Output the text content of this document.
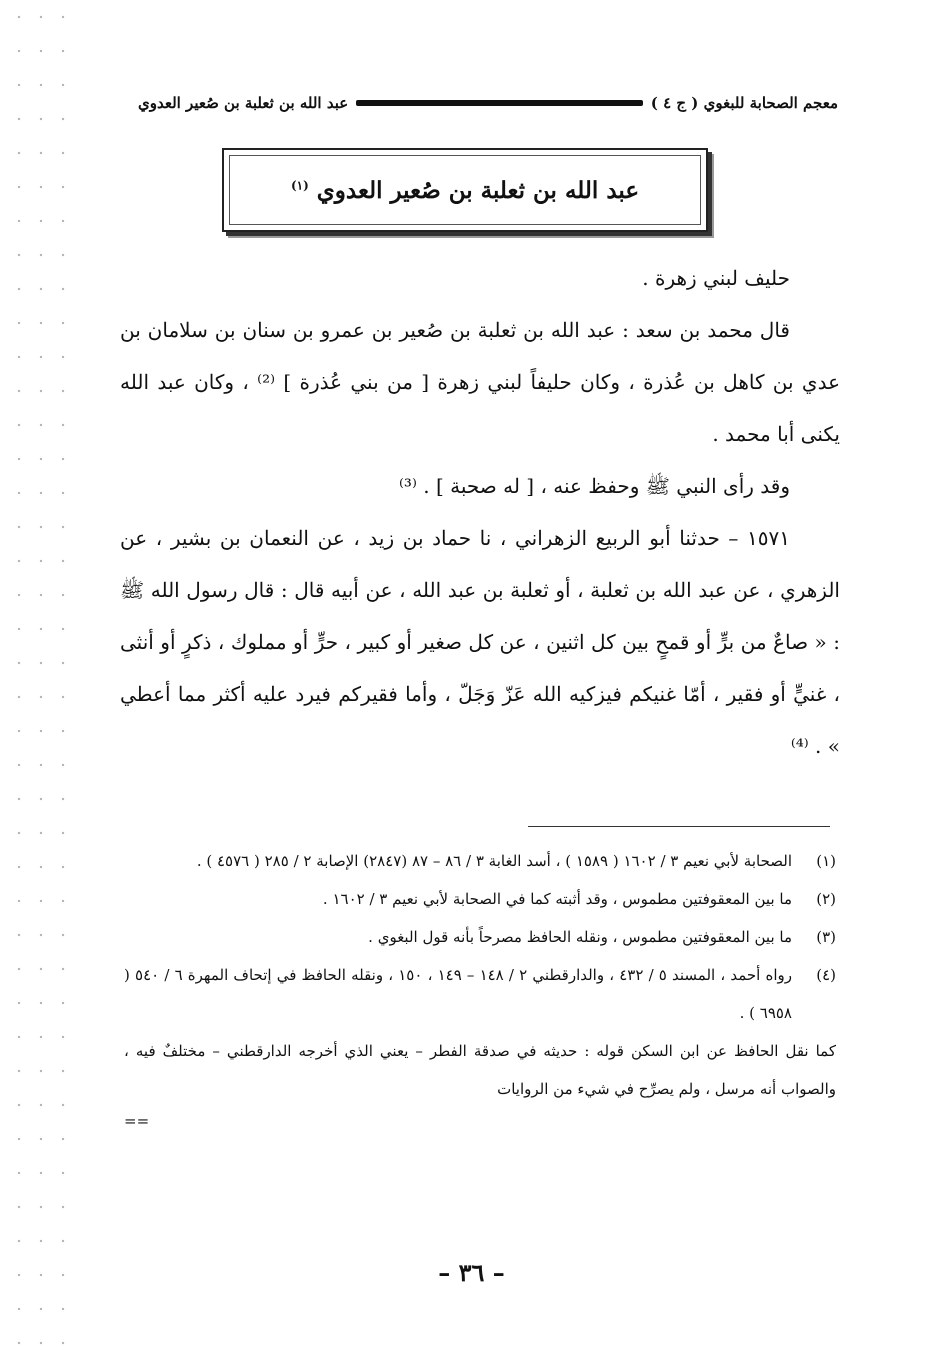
معجم الصحابة للبغوي ( ج ٤ )
عبد الله بن ثعلبة بن صُعير العدوي
عبد الله بن ثعلبة بن صُعير العدوي $^{(١)}$

حليف لبني زهرة .

قال محمد بن سعد : عبد الله بن ثعلبة بن صُعير بن عمرو بن سنان بن سلامان بن عدي بن كاهل بن عُذرة ، وكان حليفاً لبني زهرة [ من بني عُذرة ] ⁽²⁾ ، وكان عبد الله يكنى أبا محمد .

وقد رأى النبي ﷺ وحفظ عنه ، [ له صحبة ] . ⁽³⁾

١٥٧١ – حدثنا أبو الربيع الزهراني ، نا حماد بن زيد ، عن النعمان بن بشير ، عن الزهري ، عن عبد الله بن ثعلبة ، أو ثعلبة بن عبد الله ، عن أبيه قال : قال رسول الله ﷺ : « صاعٌ من برٍّ أو قمحٍ بين كل اثنين ، عن كل صغير أو كبير ، حرٍّ أو مملوك ، ذكرٍ أو أنثى ، غنيٍّ أو فقير ، أمّا غنيكم فيزكيه الله عَزّ وَجَلّ ، وأما فقيركم فيرد عليه أكثر مما أعطي » . ⁽⁴⁾

(١)
الصحابة لأبي نعيم ٣ / ١٦٠٢ ( ١٥٨٩ ) ، أسد الغابة ٣ / ٨٦ – ٨٧ (٢٨٤٧) الإصابة ٢ / ٢٨٥ ( ٤٥٧٦ ) .
(٢)
ما بين المعقوفتين مطموس ، وقد أثبته كما في الصحابة لأبي نعيم ٣ / ١٦٠٢ .
(٣)
ما بين المعقوفتين مطموس ، ونقله الحافظ مصرحاً بأنه قول البغوي .
(٤)
رواه أحمد ، المسند ٥ / ٤٣٢ ، والدارقطني ٢ / ١٤٨ – ١٤٩ ، ١٥٠ ، ونقله الحافظ في إتحاف المهرة ٦ / ٥٤٠ ( ٦٩٥٨ ) .

كما نقل الحافظ عن ابن السكن قوله : حديثه في صدقة الفطر – يعني الذي أخرجه الدارقطني – مختلفٌ فيه ، والصواب أنه مرسل ، ولم يصرِّح في شيء من الروايات

==
– ٣٦ –
